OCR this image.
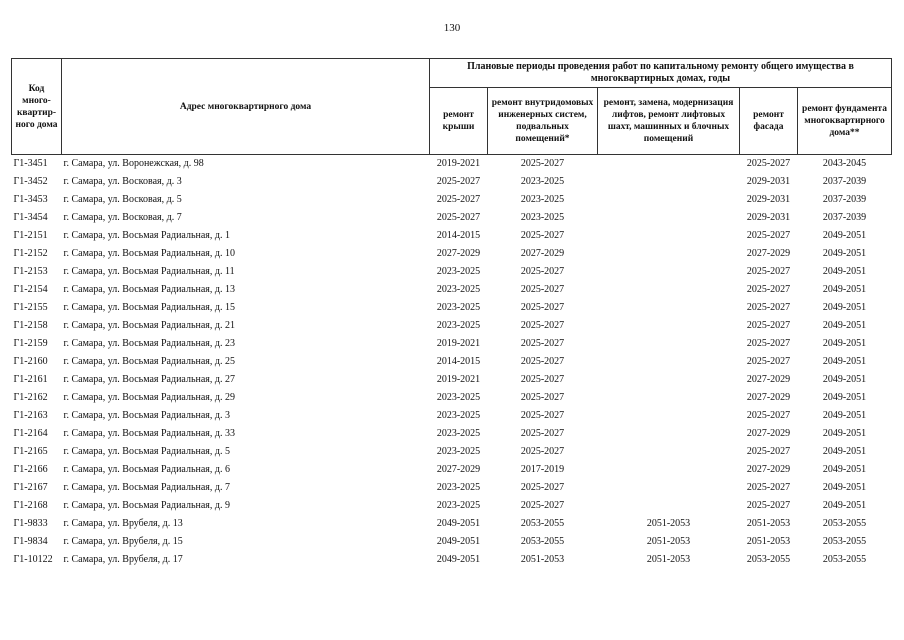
130
Код много-квартир-ного дома	Адрес многоквартирного дома	Плановые периоды проведения работ по капитальному ремонту общего имущества в многоквартирных домах, годы				
		ремонт крыши	ремонт внутридомовых инженерных систем, подвальных помещений*	ремонт, замена, модернизация лифтов, ремонт лифтовых шахт, машинных и блочных помещений	ремонт фасада	ремонт фундамента многоквартирного дома**
Г1-3451	г. Самара, ул. Воронежская, д. 98	2019-2021	2025-2027		2025-2027	2043-2045
Г1-3452	г. Самара, ул. Восковая, д. 3	2025-2027	2023-2025		2029-2031	2037-2039
Г1-3453	г. Самара, ул. Восковая, д. 5	2025-2027	2023-2025		2029-2031	2037-2039
Г1-3454	г. Самара, ул. Восковая, д. 7	2025-2027	2023-2025		2029-2031	2037-2039
Г1-2151	г. Самара, ул. Восьмая Радиальная, д. 1	2014-2015	2025-2027		2025-2027	2049-2051
Г1-2152	г. Самара, ул. Восьмая Радиальная, д. 10	2027-2029	2027-2029		2027-2029	2049-2051
Г1-2153	г. Самара, ул. Восьмая Радиальная, д. 11	2023-2025	2025-2027		2025-2027	2049-2051
Г1-2154	г. Самара, ул. Восьмая Радиальная, д. 13	2023-2025	2025-2027		2025-2027	2049-2051
Г1-2155	г. Самара, ул. Восьмая Радиальная, д. 15	2023-2025	2025-2027		2025-2027	2049-2051
Г1-2158	г. Самара, ул. Восьмая Радиальная, д. 21	2023-2025	2025-2027		2025-2027	2049-2051
Г1-2159	г. Самара, ул. Восьмая Радиальная, д. 23	2019-2021	2025-2027		2025-2027	2049-2051
Г1-2160	г. Самара, ул. Восьмая Радиальная, д. 25	2014-2015	2025-2027		2025-2027	2049-2051
Г1-2161	г. Самара, ул. Восьмая Радиальная, д. 27	2019-2021	2025-2027		2027-2029	2049-2051
Г1-2162	г. Самара, ул. Восьмая Радиальная, д. 29	2023-2025	2025-2027		2027-2029	2049-2051
Г1-2163	г. Самара, ул. Восьмая Радиальная, д. 3	2023-2025	2025-2027		2025-2027	2049-2051
Г1-2164	г. Самара, ул. Восьмая Радиальная, д. 33	2023-2025	2025-2027		2027-2029	2049-2051
Г1-2165	г. Самара, ул. Восьмая Радиальная, д. 5	2023-2025	2025-2027		2025-2027	2049-2051
Г1-2166	г. Самара, ул. Восьмая Радиальная, д. 6	2027-2029	2017-2019		2027-2029	2049-2051
Г1-2167	г. Самара, ул. Восьмая Радиальная, д. 7	2023-2025	2025-2027		2025-2027	2049-2051
Г1-2168	г. Самара, ул. Восьмая Радиальная, д. 9	2023-2025	2025-2027		2025-2027	2049-2051
Г1-9833	г. Самара, ул. Врубеля, д. 13	2049-2051	2053-2055	2051-2053	2051-2053	2053-2055
Г1-9834	г. Самара, ул. Врубеля, д. 15	2049-2051	2053-2055	2051-2053	2051-2053	2053-2055
Г1-10122	г. Самара, ул. Врубеля, д. 17	2049-2051	2051-2053	2051-2053	2053-2055	2053-2055
